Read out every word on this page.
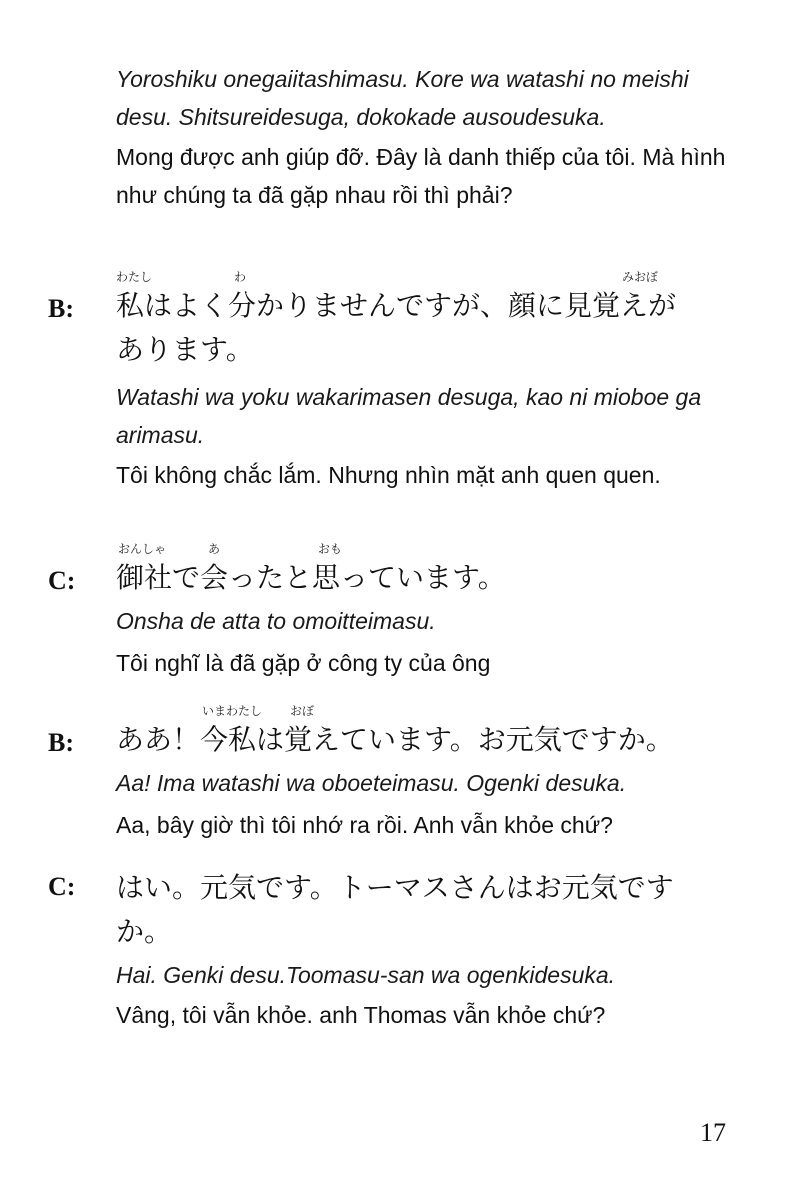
Yoroshiku onegaiitashimasu. Kore wa watashi no meishi desu. Shitsureidesuga, dokokade ausoudesuka.

Mong được anh giúp đỡ. Đây là danh thiếp của tôi. Mà hình như chúng ta đã gặp nhau rồi thì phải?

B:
わたし	わ	みおぼ

私はよく分かりませんですが、顔に見覚えが

あります。

Watashi wa yoku wakarimasen desuga, kao ni mioboe ga arimasu.

Tôi không chắc lắm. Nhưng nhìn mặt anh quen quen.

C:
おんしゃ	あ	おも

御社で会ったと思っています。

Onsha de atta to omoitteimasu.

Tôi nghĩ là đã gặp ở công ty của ông

B:
いまわたし おぼ

ああ！今私は覚えています。お元気ですか。

Aa! Ima watashi wa oboeteimasu. Ogenki desuka.

Aa, bây giờ thì tôi nhớ ra rồi. Anh vẫn khỏe chứ?

C: はい。元気です。トーマスさんはお元気です

か。

Hai. Genki desu.Toomasu-san wa ogenkidesuka.

Vâng, tôi vẫn khỏe. anh Thomas vẫn khỏe chứ?

17
